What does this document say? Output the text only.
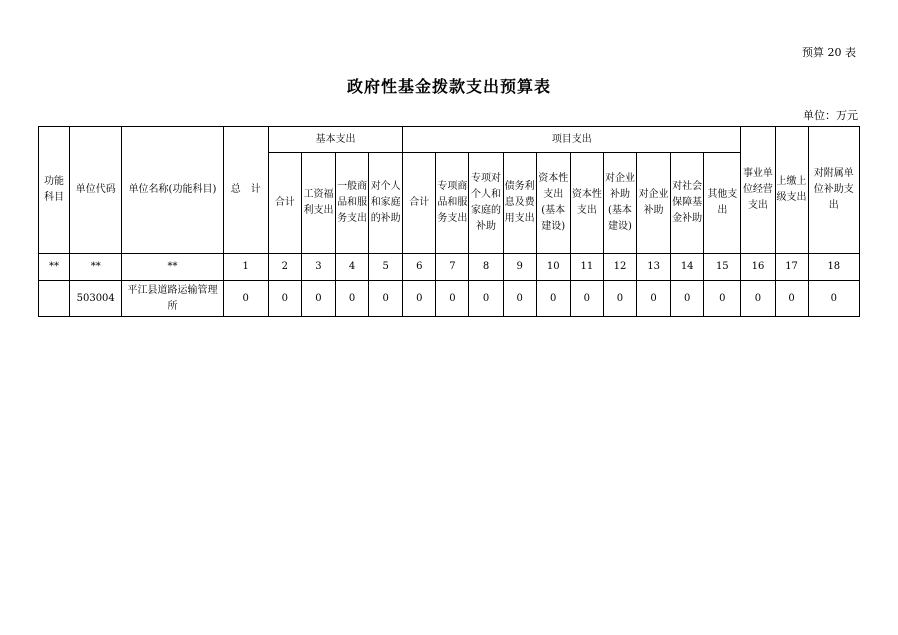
预算 20 表
政府性基金拨款支出预算表
单位：万元
功能科目	单位代码	单位名称(功能科目)	总　计	基本支出				项目支出										事业单位经营支出	上缴上级支出	对附属单位补助支出
				合计	工资福利支出	一般商品和服务支出	对个人和家庭的补助	合计	专项商品和服务支出	专项对个人和家庭的补助	债务利息及费用支出	资本性支出(基本建设)	资本性支出	对企业补助(基本建设)	对企业补助	对社会保障基金补助	其他支出			
**	**	**	1	2	3	4	5	6	7	8	9	10	11	12	13	14	15	16	17	18
	503004	平江县道路运输管理所	0	0	0	0	0	0	0	0	0	0	0	0	0	0	0	0	0	0
